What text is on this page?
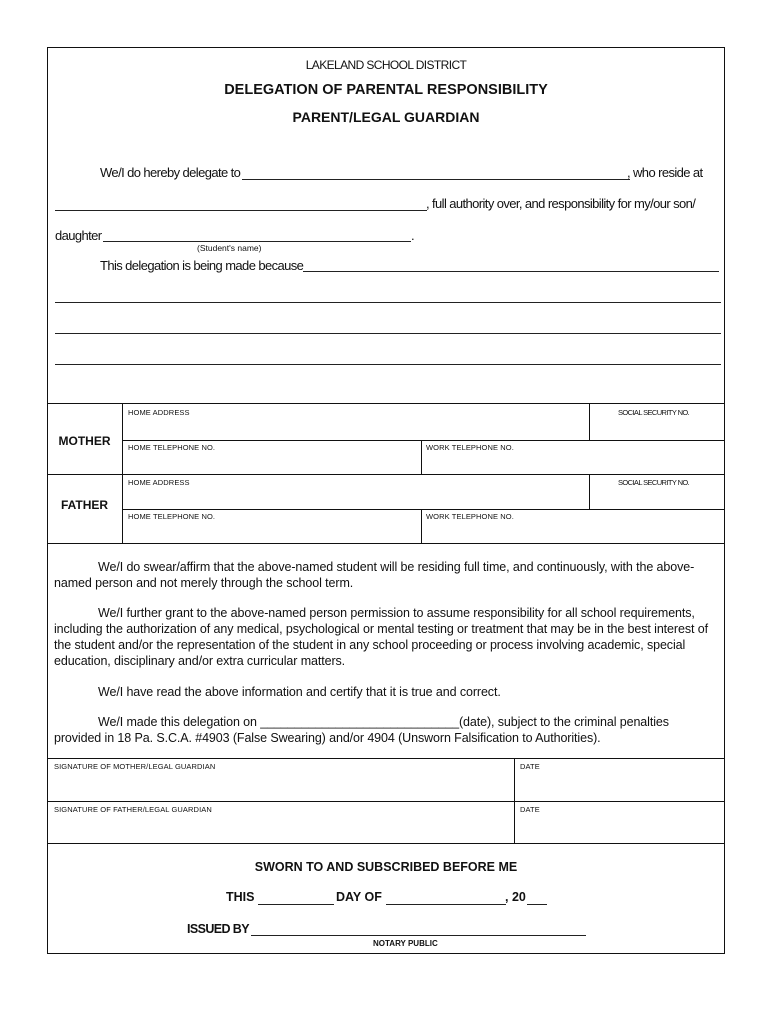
LAKELAND SCHOOL DISTRICT
DELEGATION OF PARENTAL RESPONSIBILITY
PARENT/LEGAL GUARDIAN
We/I do hereby delegate to	, who reside at
, full authority over, and responsibility for my/our son/
daughter	.
(Student's name)
This delegation is being made because
MOTHER
HOME ADDRESS	SOCIAL SECURITY NO.
HOME TELEPHONE NO.	WORK TELEPHONE NO.
FATHER
HOME ADDRESS	SOCIAL SECURITY NO.
HOME TELEPHONE NO.	WORK TELEPHONE NO.
We/I do swear/affirm that the above-named student will be residing full time, and continuously, with the above-named person and not merely through the school term.
We/I further grant to the above-named person permission to assume responsibility for all school requirements, including the authorization of any medical, psychological or mental testing or treatment that may be in the best interest of the student and/or the representation of the student in any school proceeding or process involving academic, special education, disciplinary and/or extra curricular matters.
We/I have read the above information and certify that it is true and correct.
We/I made this delegation on _____________________________(date), subject to the criminal penalties provided in 18 Pa. S.C.A. #4903 (False Swearing) and/or 4904 (Unsworn Falsification to Authorities).
SIGNATURE OF MOTHER/LEGAL GUARDIAN	DATE
SIGNATURE OF FATHER/LEGAL GUARDIAN	DATE
SWORN TO AND SUBSCRIBED BEFORE ME
THIS	DAY OF	, 20
ISSUED BY
NOTARY PUBLIC
